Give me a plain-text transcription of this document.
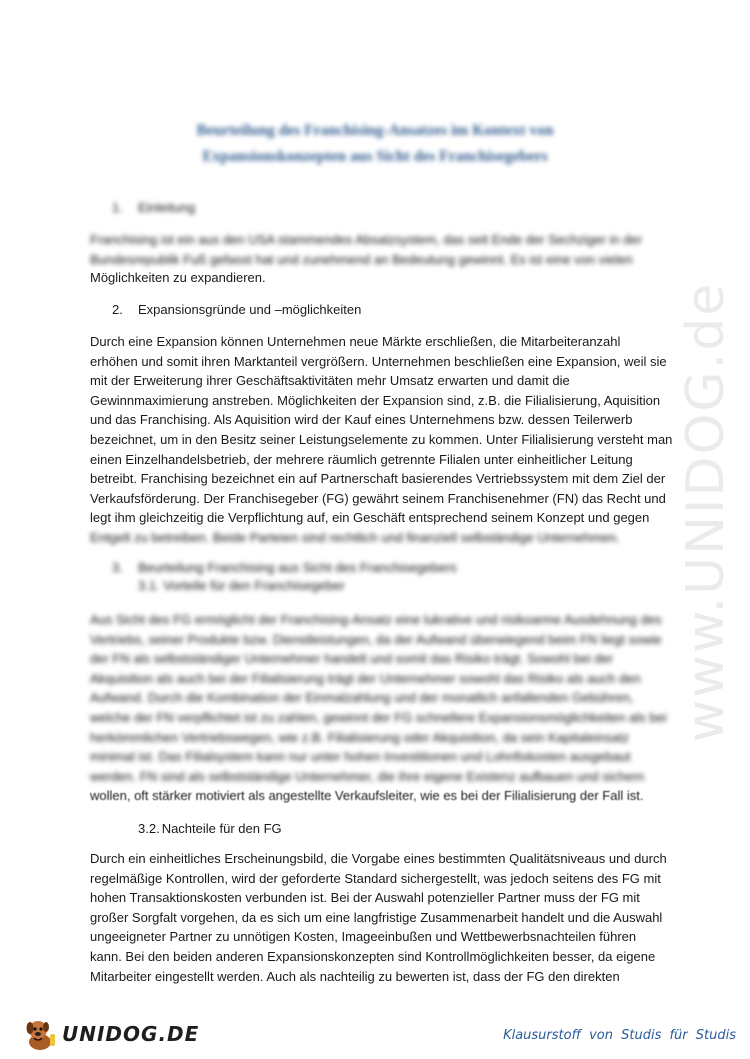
www.UNIDOG.de
Beurteilung des Franchising-Ansatzes im Kontext von
Expansionskonzepten aus Sicht des Franchisegebers
1. Einleitung
Franchising ist ein aus den USA stammendes Absatzsystem, das seit Ende der Sechziger in der
Bundesrepublik Fuß gefasst hat und zunehmend an Bedeutung gewinnt. Es ist eine von vielen
Möglichkeiten zu expandieren.
2. Expansionsgründe und –möglichkeiten
Durch eine Expansion können Unternehmen neue Märkte erschließen, die Mitarbeiteranzahl
erhöhen und somit ihren Marktanteil vergrößern. Unternehmen beschließen eine Expansion, weil sie
mit der Erweiterung ihrer Geschäftsaktivitäten mehr Umsatz erwarten und damit die
Gewinnmaximierung anstreben. Möglichkeiten der Expansion sind, z.B. die Filialisierung, Aquisition
und das Franchising. Als Aquisition wird der Kauf eines Unternehmens bzw. dessen Teilerwerb
bezeichnet, um in den Besitz seiner Leistungselemente zu kommen. Unter Filialisierung versteht man
einen Einzelhandelsbetrieb, der mehrere räumlich getrennte Filialen unter einheitlicher Leitung
betreibt. Franchising bezeichnet ein auf Partnerschaft basierendes Vertriebssystem mit dem Ziel der
Verkaufsförderung. Der Franchisegeber (FG) gewährt seinem Franchisenehmer (FN) das Recht und
legt ihm gleichzeitig die Verpflichtung auf, ein Geschäft entsprechend seinem Konzept und gegen
Entgelt zu betreiben. Beide Parteien sind rechtlich und finanziell selbständige Unternehmen.
3. Beurteilung Franchising aus Sicht des Franchisegebers
3.1. Vorteile für den Franchisegeber
Aus Sicht des FG ermöglicht der Franchising-Ansatz eine lukrative und risikoarme Ausdehnung des
Vertriebs, seiner Produkte bzw. Dienstleistungen, da der Aufwand überwiegend beim FN liegt sowie
der FN als selbstständiger Unternehmer handelt und somit das Risiko trägt. Sowohl bei der
Akquisition als auch bei der Filialisierung trägt der Unternehmer sowohl das Risiko als auch den
Aufwand. Durch die Kombination der Einmalzahlung und der monatlich anfallenden Gebühren,
welche der FN verpflichtet ist zu zahlen, gewinnt der FG schnellere Expansionsmöglichkeiten als bei
herkömmlichen Vertriebswegen, wie z.B. Filialisierung oder Akquisition, da sein Kapitaleinsatz
minimal ist. Das Filialsystem kann nur unter hohen Investitionen und Lohnfixkosten ausgebaut
werden. FN sind als selbstständige Unternehmer, die ihre eigene Existenz aufbauen und sichern
wollen, oft stärker motiviert als angestellte Verkaufsleiter, wie es bei der Filialisierung der Fall ist.
3.2. Nachteile für den FG
Durch ein einheitliches Erscheinungsbild, die Vorgabe eines bestimmten Qualitätsniveaus und durch
regelmäßige Kontrollen, wird der geforderte Standard sichergestellt, was jedoch seitens des FG mit
hohen Transaktionskosten verbunden ist. Bei der Auswahl potenzieller Partner muss der FG mit
großer Sorgfalt vorgehen, da es sich um eine langfristige Zusammenarbeit handelt und die Auswahl
ungeeigneter Partner zu unnötigen Kosten, Imageeinbußen und Wettbewerbsnachteilen führen
kann. Bei den beiden anderen Expansionskonzepten sind Kontrollmöglichkeiten besser, da eigene
Mitarbeiter eingestellt werden. Auch als nachteilig zu bewerten ist, dass der FG den direkten
UNIDOG.DE	Klausurstoff von Studis für Studis
